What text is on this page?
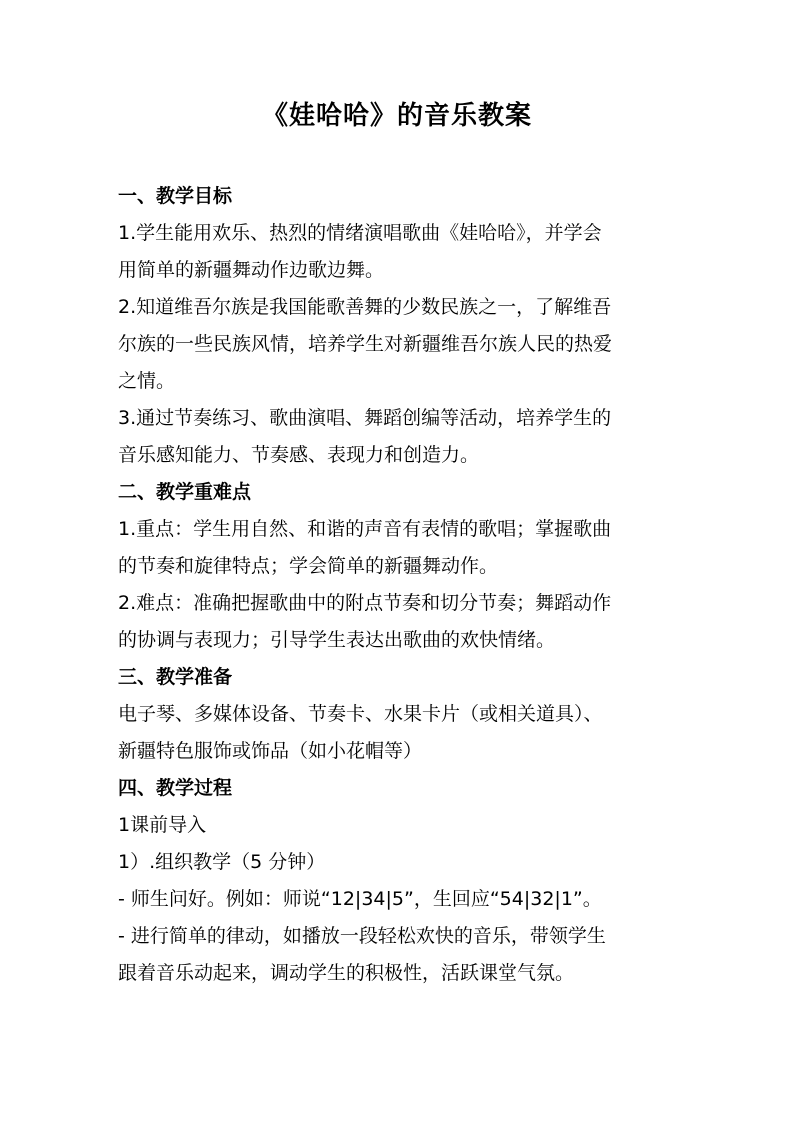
《娃哈哈》的音乐教案
一、教学目标
1.学生能用欢乐、热烈的情绪演唱歌曲《娃哈哈》，并学会
用简单的新疆舞动作边歌边舞。
2.知道维吾尔族是我国能歌善舞的少数民族之一，了解维吾
尔族的一些民族风情，培养学生对新疆维吾尔族人民的热爱
之情。
3.通过节奏练习、歌曲演唱、舞蹈创编等活动，培养学生的
音乐感知能力、节奏感、表现力和创造力。
二、教学重难点
1.重点：学生用自然、和谐的声音有表情的歌唱；掌握歌曲
的节奏和旋律特点；学会简单的新疆舞动作。
2.难点：准确把握歌曲中的附点节奏和切分节奏；舞蹈动作
的协调与表现力；引导学生表达出歌曲的欢快情绪。
三、教学准备
电子琴、多媒体设备、节奏卡、水果卡片（或相关道具）、
新疆特色服饰或饰品（如小花帽等）
四、教学过程
1课前导入
1）.组织教学（5 分钟）
- 师生问好。例如：师说“12|34|5”，生回应“54|32|1”。
- 进行简单的律动，如播放一段轻松欢快的音乐，带领学生
跟着音乐动起来，调动学生的积极性，活跃课堂气氛。
